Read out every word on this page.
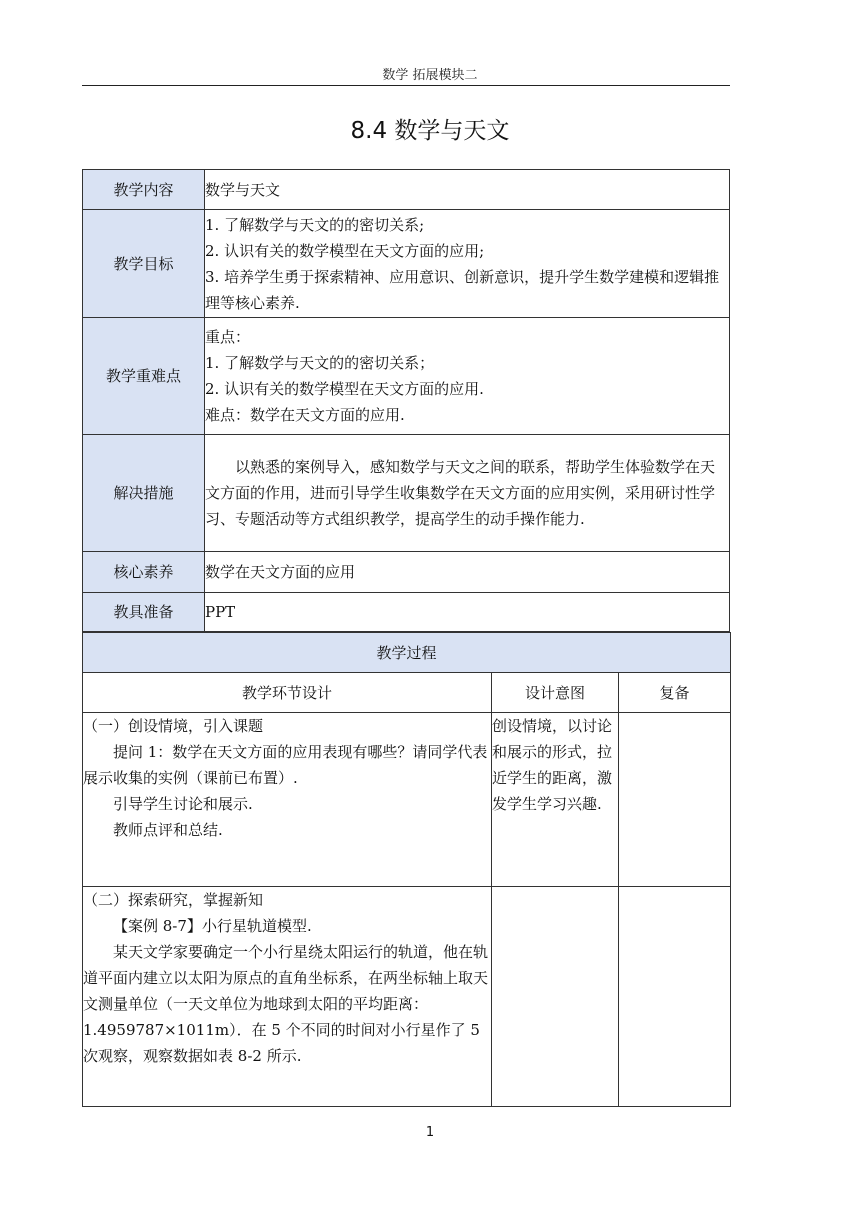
数学 拓展模块二
8.4 数学与天文
教学内容	数学与天文
教学目标	1. 了解数学与天文的的密切关系;
2. 认识有关的数学模型在天文方面的应用;
3. 培养学生勇于探索精神、应用意识、创新意识，提升学生数学建模和逻辑推理等核心素养.

教学重难点	重点：
1. 了解数学与天文的的密切关系；
2. 认识有关的数学模型在天文方面的应用.
难点：数学在天文方面的应用.

解决措施	以熟悉的案例导入，感知数学与天文之间的联系，帮助学生体验数学在天文方面的作用，进而引导学生收集数学在天文方面的应用实例，采用研讨性学习、专题活动等方式组织教学，提高学生的动手操作能力.

核心素养	数学在天文方面的应用
教具准备	PPT
教学过程		
教学环节设计	设计意图	复备

（一）创设情境，引入课题
提问 1：数学在天文方面的应用表现有哪些？请同学代表展示收集的实例（课前已布置）.
引导学生讨论和展示.
教师点评和总结.	创设情境，以讨论和展示的形式，拉近学生的距离，激发学生学习兴趣.	

（二）探索研究，掌握新知
【案例 8-7】小行星轨道模型.
某天文学家要确定一个小行星绕太阳运行的轨道，他在轨道平面内建立以太阳为原点的直角坐标系，在两坐标轴上取天文测量单位（一天文单位为地球到太阳的平均距离：1.4959787×1011m）．在 5 个不同的时间对小行星作了 5 次观察，观察数据如表 8-2 所示.		

1
